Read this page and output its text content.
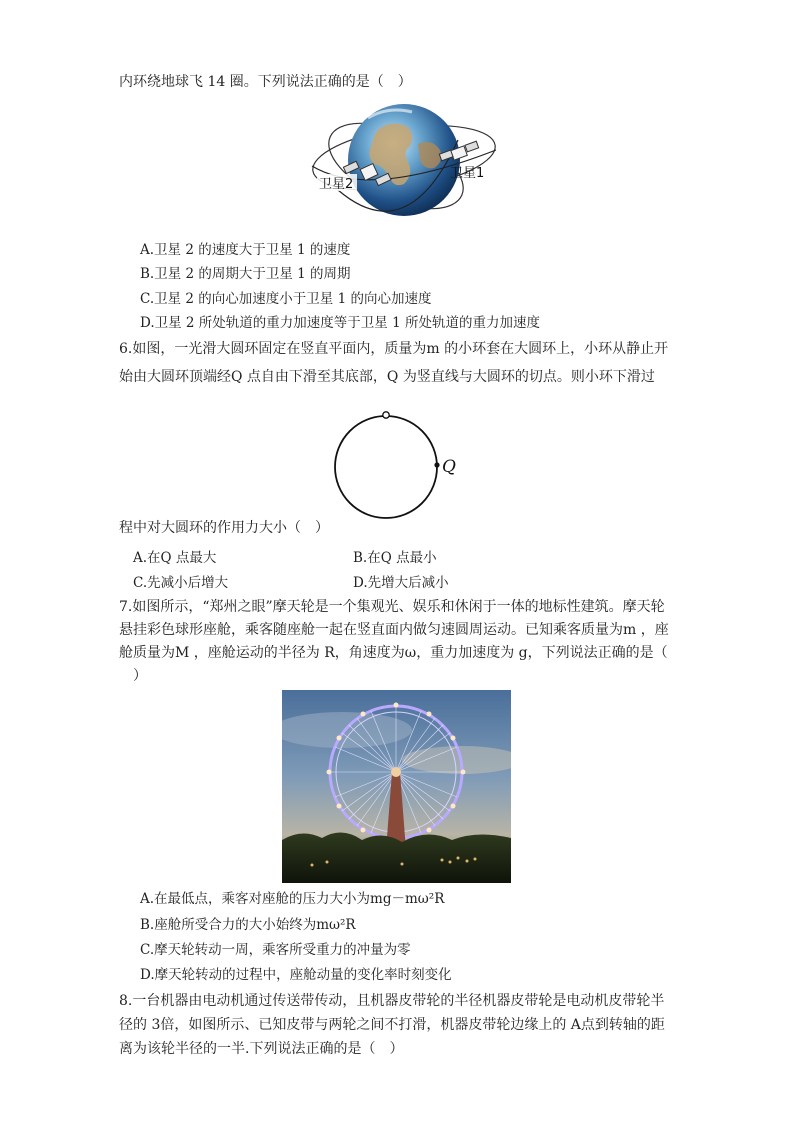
内环绕地球飞 14 圈。下列说法正确的是（　）
卫星2
卫星1
A.卫星 2 的速度大于卫星 1 的速度
B.卫星 2 的周期大于卫星 1 的周期
C.卫星 2 的向心加速度小于卫星 1 的向心加速度
D.卫星 2 所处轨道的重力加速度等于卫星 1 所处轨道的重力加速度
6.如图，一光滑大圆环固定在竖直平面内，质量为m 的小环套在大圆环上，小环从静止开
始由大圆环顶端经Q 点自由下滑至其底部，Q 为竖直线与大圆环的切点。则小环下滑过
Q
程中对大圆环的作用力大小（　）
A.在Q 点最大	B.在Q 点最小
C.先减小后增大	D.先增大后减小
7.如图所示，“郑州之眼”摩天轮是一个集观光、娱乐和休闲于一体的地标性建筑。摩天轮
悬挂彩色球形座舱，乘客随座舱一起在竖直面内做匀速圆周运动。已知乘客质量为m ，座
舱质量为M ，座舱运动的半径为 R，角速度为ω，重力加速度为 g，下列说法正确的是（
）
A.在最低点，乘客对座舱的压力大小为mg－mω²R
B.座舱所受合力的大小始终为mω²R
C.摩天轮转动一周，乘客所受重力的冲量为零
D.摩天轮转动的过程中，座舱动量的变化率时刻变化
8.一台机器由电动机通过传送带传动，且机器皮带轮的半径机器皮带轮是电动机皮带轮半
径的 3倍，如图所示、已知皮带与两轮之间不打滑，机器皮带轮边缘上的 A点到转轴的距
离为该轮半径的一半.下列说法正确的是（　）
